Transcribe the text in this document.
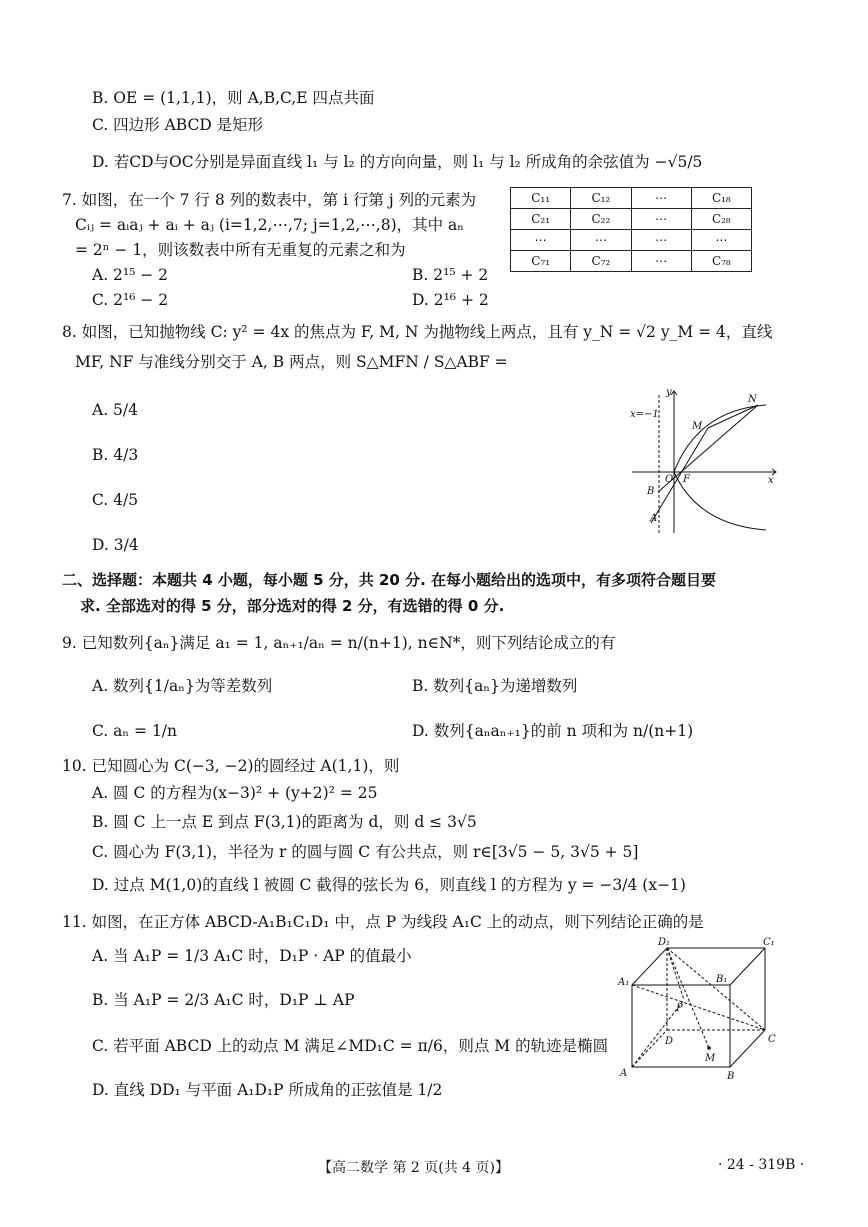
B. OE = (1,1,1)，则 A,B,C,E 四点共面
C. 四边形 ABCD 是矩形
D. 若CD与OC分别是异面直线 l₁ 与 l₂ 的方向向量，则 l₁ 与 l₂ 所成角的余弦值为 −√5/5
7. 如图，在一个 7 行 8 列的数表中，第 i 行第 j 列的元素为
Cᵢⱼ = aᵢaⱼ + aᵢ + aⱼ (i=1,2,⋯,7; j=1,2,⋯,8)，其中 aₙ
= 2ⁿ − 1，则该数表中所有无重复的元素之和为
A. 2¹⁵ − 2	B. 2¹⁵ + 2
C. 2¹⁶ − 2	D. 2¹⁶ + 2
C₁₁	C₁₂	⋯	C₁₈
C₂₁	C₂₂	⋯	C₂₈
⋯	⋯	⋯	⋯
C₇₁	C₇₂	⋯	C₇₈
8. 如图，已知抛物线 C: y² = 4x 的焦点为 F, M, N 为抛物线上两点，且有 y_N = √2 y_M = 4，直线
MF, NF 与准线分别交于 A, B 两点，则 S△MFN / S△ABF =
A. 5/4
B. 4/3
C. 4/5
D. 3/4
y
x
x=−1
N
M
O F
B
A
二、选择题：本题共 4 小题，每小题 5 分，共 20 分. 在每小题给出的选项中，有多项符合题目要
求. 全部选对的得 5 分，部分选对的得 2 分，有选错的得 0 分.
9. 已知数列{aₙ}满足 a₁ = 1, aₙ₊₁/aₙ = n/(n+1), n∈N*，则下列结论成立的有
A. 数列{1/aₙ}为等差数列	B. 数列{aₙ}为递增数列
C. aₙ = 1/n	D. 数列{aₙaₙ₊₁}的前 n 项和为 n/(n+1)
10. 已知圆心为 C(−3, −2)的圆经过 A(1,1)，则
A. 圆 C 的方程为(x−3)² + (y+2)² = 25
B. 圆 C 上一点 E 到点 F(3,1)的距离为 d，则 d ≤ 3√5
C. 圆心为 F(3,1)，半径为 r 的圆与圆 C 有公共点，则 r∈[3√5 − 5, 3√5 + 5]
D. 过点 M(1,0)的直线 l 被圆 C 截得的弦长为 6，则直线 l 的方程为 y = −3/4 (x−1)
11. 如图，在正方体 ABCD-A₁B₁C₁D₁ 中，点 P 为线段 A₁C 上的动点，则下列结论正确的是
A. 当 A₁P = 1/3 A₁C 时，D₁P · AP 的值最小
B. 当 A₁P = 2/3 A₁C 时，D₁P ⊥ AP
C. 若平面 ABCD 上的动点 M 满足∠MD₁C = π/6，则点 M 的轨迹是椭圆
D. 直线 DD₁ 与平面 A₁D₁P 所成角的正弦值是 1/2
D₁	C₁
A₁	B₁
P
D	C
M
A	B
【高二数学 第 2 页(共 4 页)】	· 24 - 319B ·
